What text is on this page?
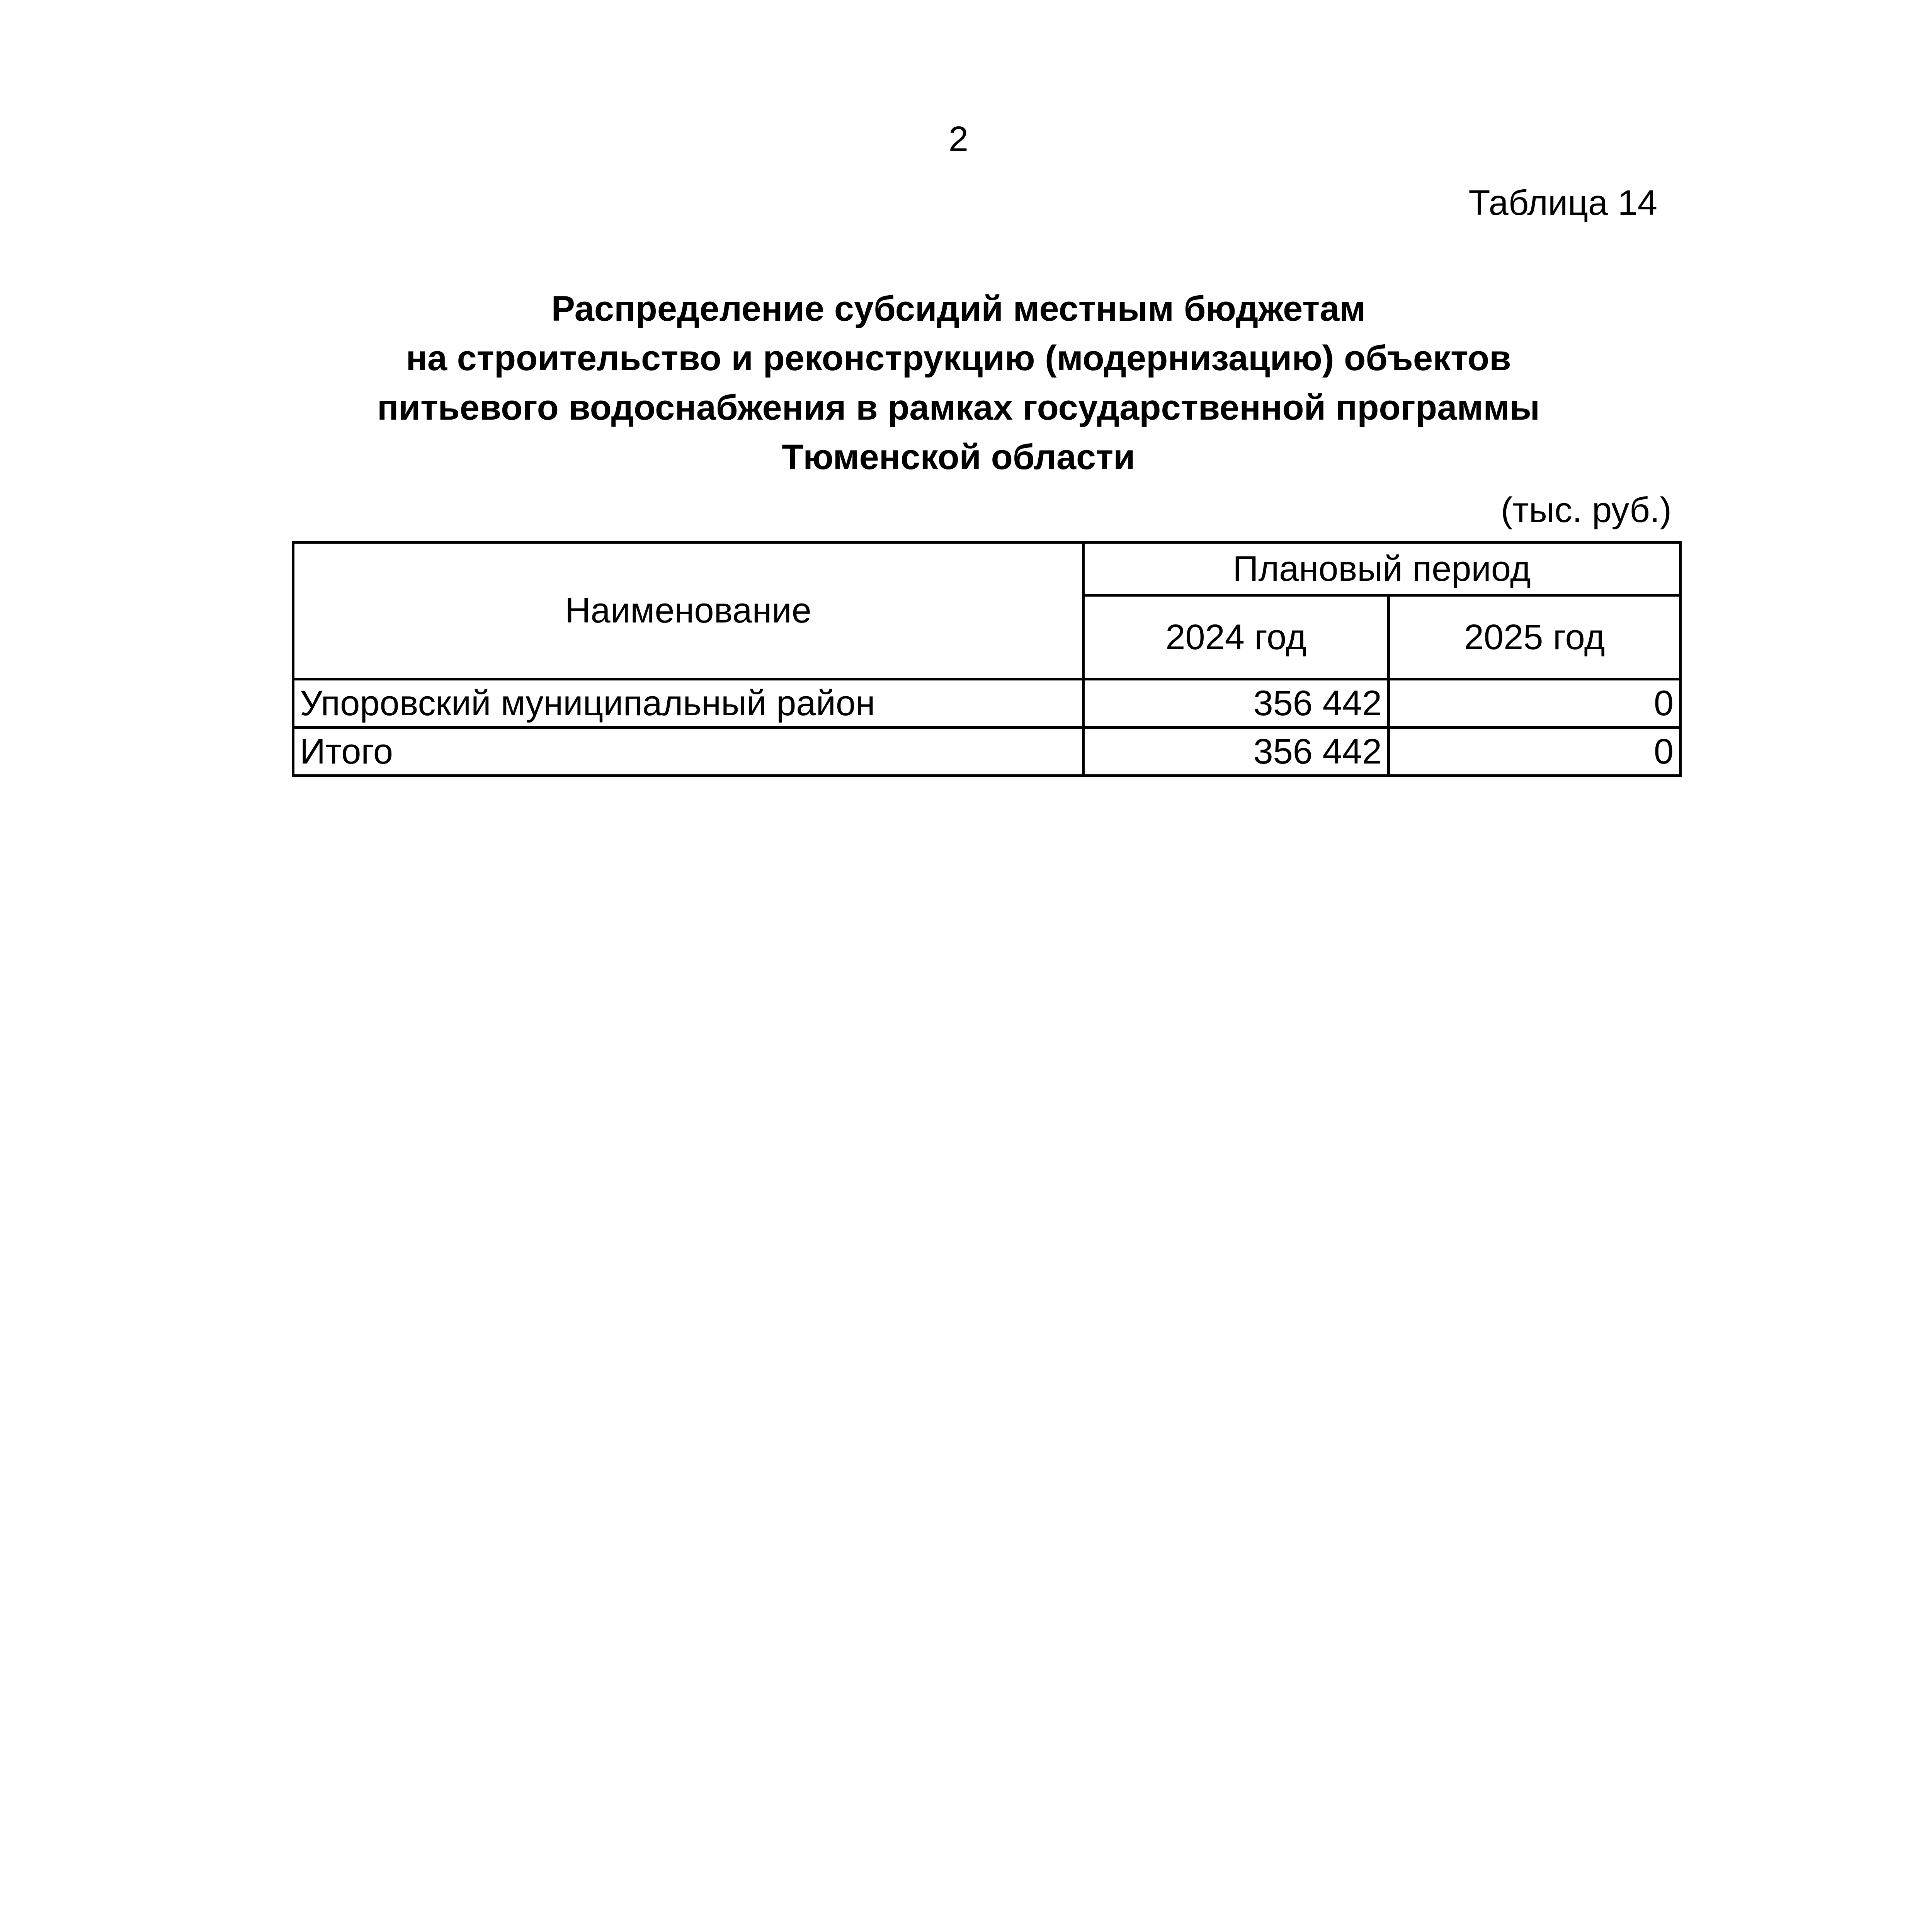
2
Таблица 14
Распределение субсидий местным бюджетам
на строительство и реконструкцию (модернизацию) объектов
питьевого водоснабжения в рамках государственной программы
Тюменской области
(тыс. руб.)
Наименование	Плановый период	
	2024 год	2025 год
Упоровский муниципальный район	356 442	0
Итого	356 442	0
